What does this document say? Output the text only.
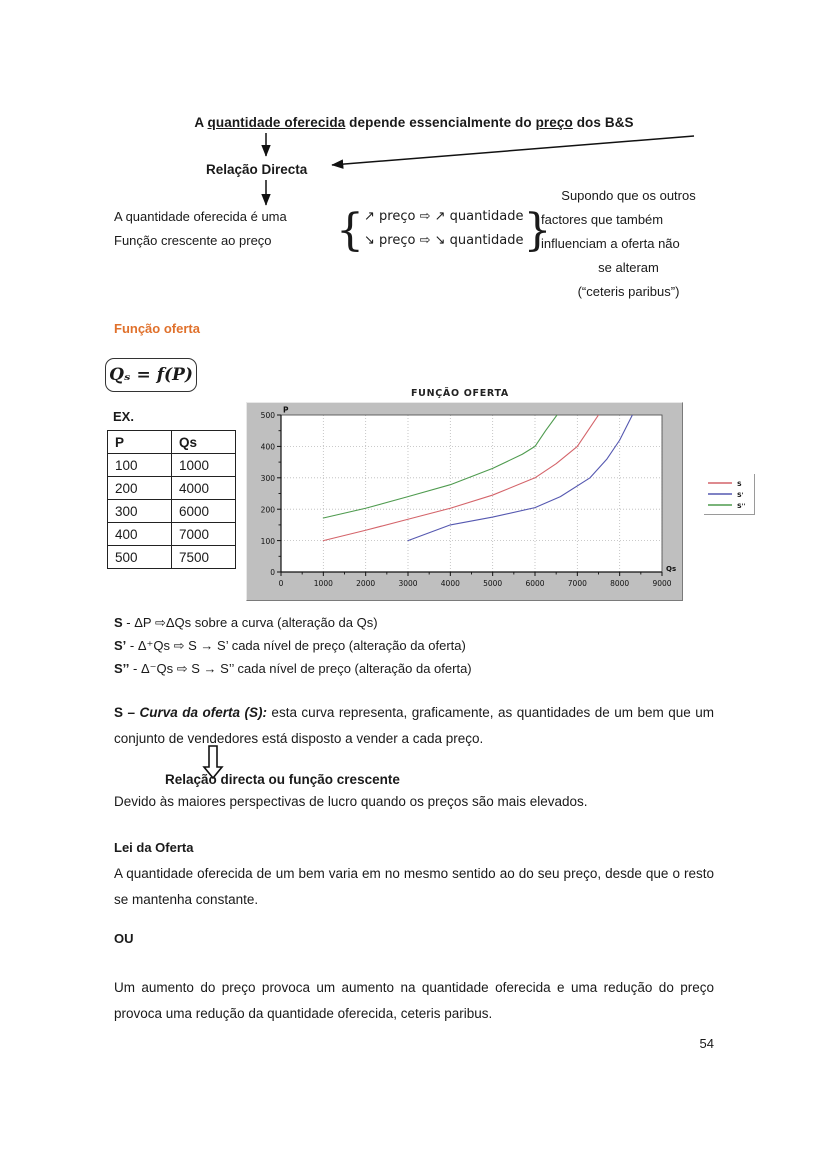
A quantidade oferecida depende essencialmente do preço dos B&S
Relação Directa
A quantidade oferecida é uma
Função crescente ao preço	{ ↗ preço ⇨ ↗ quantidade
↘ preço ⇨ ↘ quantidade }
Supondo que os outros
factores que também
influenciam a oferta não
se alteram
(“ceteris paribus”)
Função oferta
Qₛ = f(P)
EX.
P	Qs
100	1000
200	4000
300	6000
400	7000
500	7500
FUNÇÃO OFERTA
0
100
200
300
400
500
0	1000	2000	3000	4000	5000	6000	7000	8000	9000
P
Qs
S
S'
S''
S - ΔP ⇨ΔQs sobre a curva (alteração da Qs)
S’ - Δ⁺Qs ⇨ S → S’ cada nível de preço (alteração da oferta)
S’’ - Δ⁻Qs ⇨ S → S’’ cada nível de preço (alteração da oferta)
S – Curva da oferta (S): esta curva representa, graficamente, as quantidades de um bem que um conjunto de vendedores está disposto a vender a cada preço.
Relação directa ou função crescente
Devido às maiores perspectivas de lucro quando os preços são mais elevados.
Lei da Oferta
A quantidade oferecida de um bem varia em no mesmo sentido ao do seu preço, desde que o resto se mantenha constante.
OU
Um aumento do preço provoca um aumento na quantidade oferecida e uma redução do preço provoca uma redução da quantidade oferecida, ceteris paribus.
54
